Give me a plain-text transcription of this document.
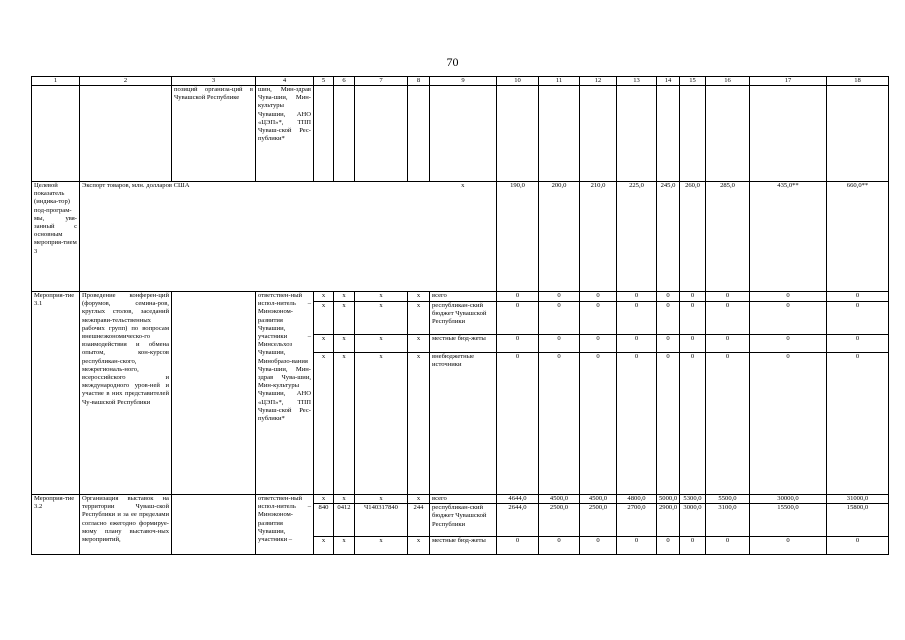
70
1	2	3	4	5	6	7	8	9	10	11	12	13	14	15	16	17	18
		позиций организа-ций в Чувашской Республике	шин, Мин-здрав Чува-шии, Мин-культуры Чувашии, АНО «ЦЭП»*, ТПП Чуваш-ской Рес-публики*														
Целевой показатель (индика-тор) под-програм-мы, увя-занный с основным мероприя-тием 3	Экспорт товаров, млн. долларов США							x	190,0	200,0	210,0	225,0	245,0	260,0	285,0	435,0**	660,0**
Мероприя-тие 3.1	Проведение конферен-ций (форумов, семина-ров, круглых столов, заседаний межправи-тельственных рабочих групп) по вопросам внешнеэкономическо-го взаимодействия и обмена опытом, кон-курсов республикан-ского, межрегиональ-ного, всероссийского и международного уров-ней и участие в них представителей Чу-вашской Республики		ответствен-ный испол-нитель – Минэконом-развития Чувашии, участники – Минсельхоз Чувашии, Минобразо-вания Чува-шии, Мин-здрав Чува-шии, Мин-культуры Чувашии, АНО «ЦЭП»*, ТПП Чуваш-ской Рес-публики*	x	x	x	x	всего	0	0	0	0	0	0	0	0	0
				x	x	x	x	республикан-ский бюджет Чувашской Республики	0	0	0	0	0	0	0	0	0
				x	x	x	x	местные бюд-жеты	0	0	0	0	0	0	0	0	0
				x	x	x	x	внебюджетные источники	0	0	0	0	0	0	0	0	0
Мероприя-тие 3.2	Организация выставок на территории Чуваш-ской Республики и за ее пределами согласно ежегодно формируе-мому плану выставоч-ных мероприятий,		ответствен-ный испол-нитель – Минэконом-развития Чувашии, участники –	x	x	x	x	всего	4644,0	4500,0	4500,0	4800,0	5000,0	5300,0	5500,0	30000,0	31000,0
				840	0412	Ч140317840	244	республикан-ский бюджет Чувашской Республики	2644,0	2500,0	2500,0	2700,0	2900,0	3000,0	3100,0	15500,0	15800,0
				x	x	x	x	местные бюд-жеты	0	0	0	0	0	0	0	0	0
